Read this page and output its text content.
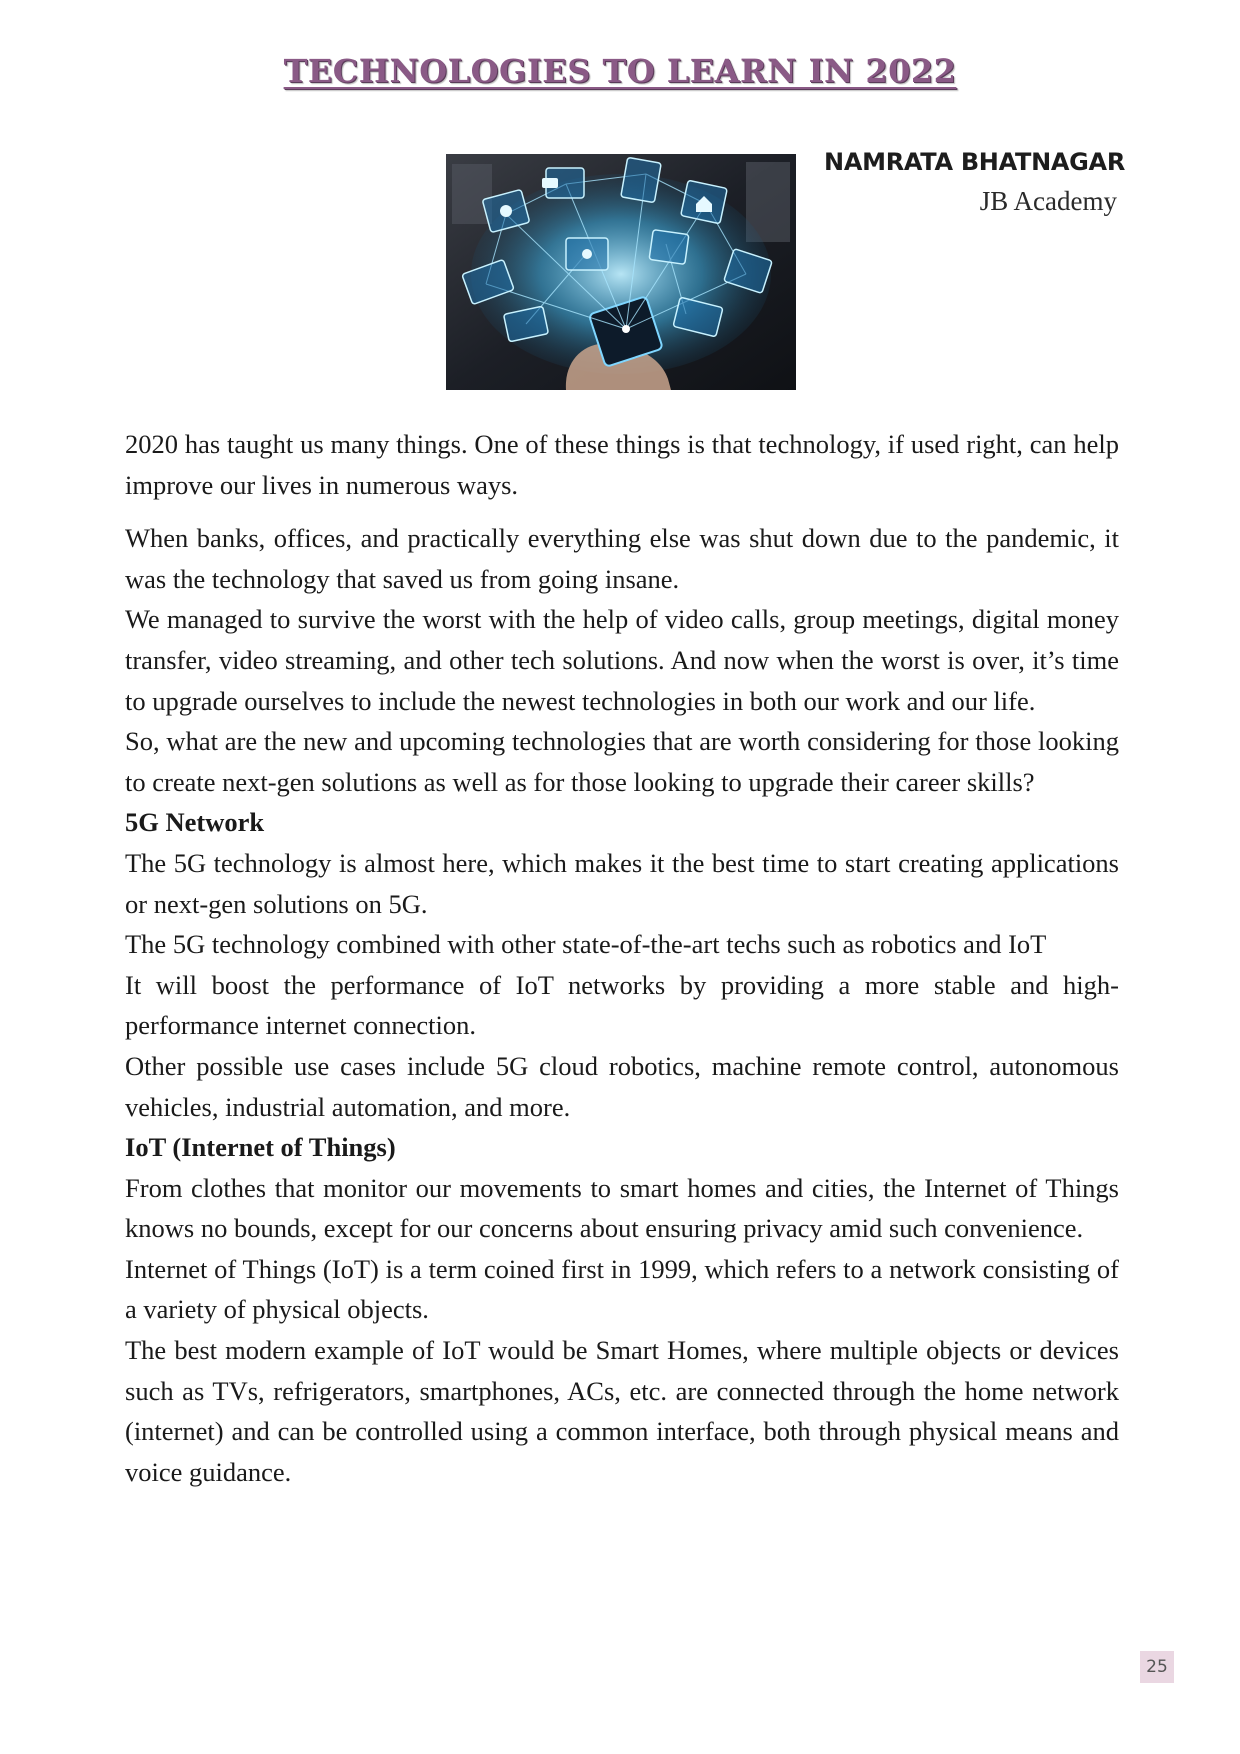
TECHNOLOGIES TO LEARN IN 2022
NAMRATA BHATNAGAR
JB Academy

2020 has taught us many things. One of these things is that technology, if used right, can help improve our lives in numerous ways.

When banks, offices, and practically everything else was shut down due to the pandemic, it was the technology that saved us from going insane.

We managed to survive the worst with the help of video calls, group meetings, digital money transfer, video streaming, and other tech solutions. And now when the worst is over, it’s time to upgrade ourselves to include the newest technologies in both our work and our life.

So, what are the new and upcoming technologies that are worth considering for those looking to create next-gen solutions as well as for those looking to upgrade their career skills?

5G Network

The 5G technology is almost here, which makes it the best time to start creating applications or next-gen solutions on 5G.

The 5G technology combined with other state-of-the-art techs such as robotics and IoT

It will boost the performance of IoT networks by providing a more stable and high-performance internet connection.

Other possible use cases include 5G cloud robotics, machine remote control, autonomous vehicles, industrial automation, and more.

IoT (Internet of Things)

From clothes that monitor our movements to smart homes and cities, the Internet of Things knows no bounds, except for our concerns about ensuring privacy amid such convenience.

Internet of Things (IoT) is a term coined first in 1999, which refers to a network consisting of a variety of physical objects.

The best modern example of IoT would be Smart Homes, where multiple objects or devices such as TVs, refrigerators, smartphones, ACs, etc. are connected through the home network (internet) and can be controlled using a common interface, both through physical means and voice guidance.

25
